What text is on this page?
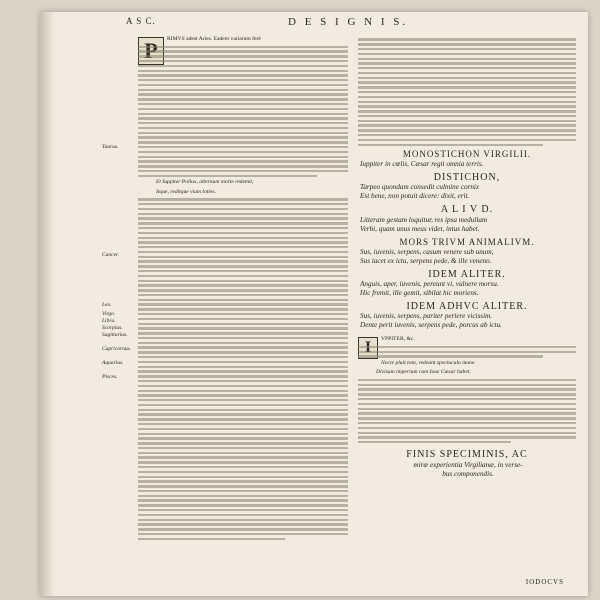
A S C.	D E S I G N I S.
Taurus.
Cancer.
Leo.
Virgo.
Libra.
Scorpius.
Sagittarius.
Capricornus.
Aquarius.
Pisces.
RIMVS adest Aries. Eadem variarum ferè
Et Iuppiter Pollux, alternum morte redemit,
Itque, reditque viam toties.
MONOSTICHON VIRGILII.
Iuppiter in cœlis, Cæsar regit omnia terris.
DISTICHON,
Tarpeo quondam consedit culmine cornix
Est bene, non potuit dicere: dixit, erit.
A L I V D.
Litteram gestam loquitur, res ipsa medullam
Verbi, quam unus meus videt, intus habet.
MORS TRIVM ANIMALIVM.
Sus, iuvenis, serpens, casum venere sub unum,
Sus iacet ex ictu, serpens pede, & ille veneno.
IDEM ALITER.
Anguis, aper, iuvenis, pereunt vi, vulnere morsu.
Hic fremit, ille gemit, sibilat hic moriens.
IDEM ADHVC ALITER.
Sus, iuvenis, serpens, pariter periere vicissim.
Dente perit iuvenis, serpens pede, porcus ab ictu.
VPPITER, &c.
Nocte pluit tota, redeunt spectacula mane.
Divisum imperium cum Ioue Cæsar habet.
FINIS SPECIMINIS, AC
miræ experientia Virgilianæ, in verse-
bus componendis.
IODOCVS
